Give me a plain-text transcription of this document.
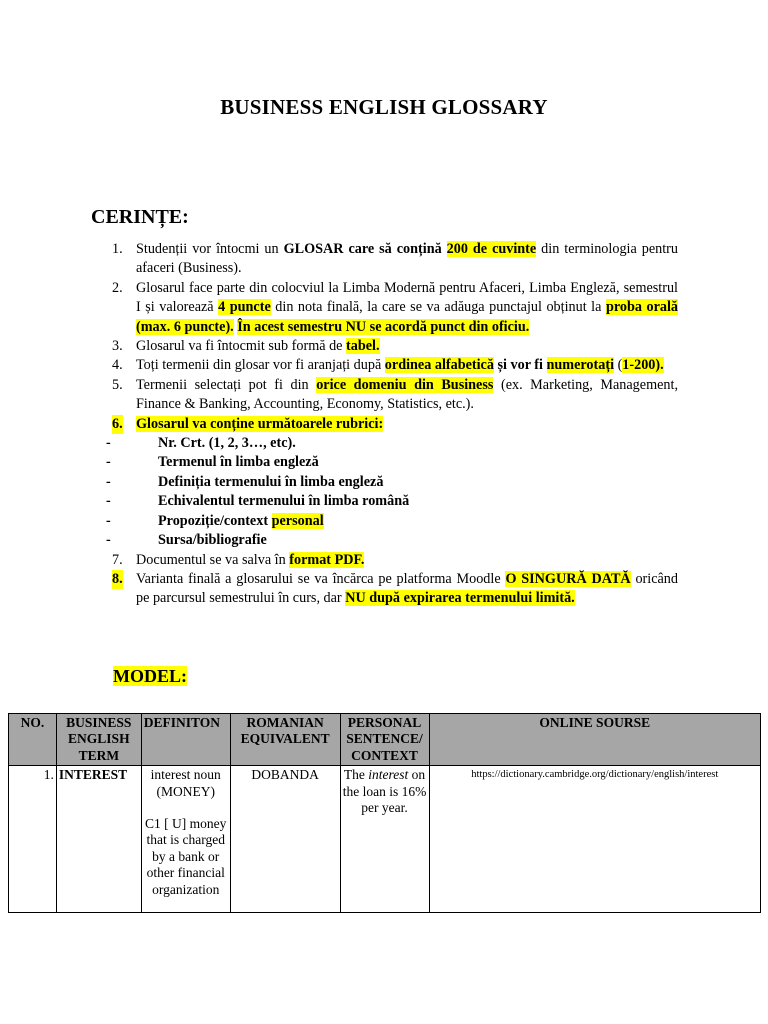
BUSINESS ENGLISH GLOSSARY
CERINȚE:
1. Studenții vor întocmi un GLOSAR care să conțină 200 de cuvinte din terminologia pentru afaceri (Business).
2. Glosarul face parte din colocviul la Limba Modernă pentru Afaceri, Limba Engleză, semestrul I și valorează 4 puncte din nota finală, la care se va adăuga punctajul obținut la proba orală (max. 6 puncte). În acest semestru NU se acordă punct din oficiu.
3. Glosarul va fi întocmit sub formă de tabel.
4. Toți termenii din glosar vor fi aranjați după ordinea alfabetică și vor fi numerotați (1-200).
5. Termenii selectați pot fi din orice domeniu din Business (ex. Marketing, Management, Finance & Banking, Accounting, Economy, Statistics, etc.).
6. Glosarul va conține următoarele rubrici:
-	Nr. Crt. (1, 2, 3…, etc).
-	Termenul în limba engleză
-	Definiția termenului în limba engleză
-	Echivalentul termenului în limba română
-	Propoziție/context personal
-	Sursa/bibliografie
7. Documentul se va salva în format PDF.
8. Varianta finală a glosarului se va încărca pe platforma Moodle O SINGURĂ DATĂ oricând pe parcursul semestrului în curs, dar NU după expirarea termenului limită.
MODEL:
NO.	BUSINESS ENGLISH TERM	DEFINITON	ROMANIAN EQUIVALENT	PERSONAL SENTENCE/ CONTEXT	ONLINE SOURSE
1.	INTEREST	interest noun

(MONEY)

C1 [ U] money that is charged by a bank or other financial organization	DOBANDA	The interest on the loan is 16% per year.	https://dictionary.cambridge.org/dictionary/english/interest
